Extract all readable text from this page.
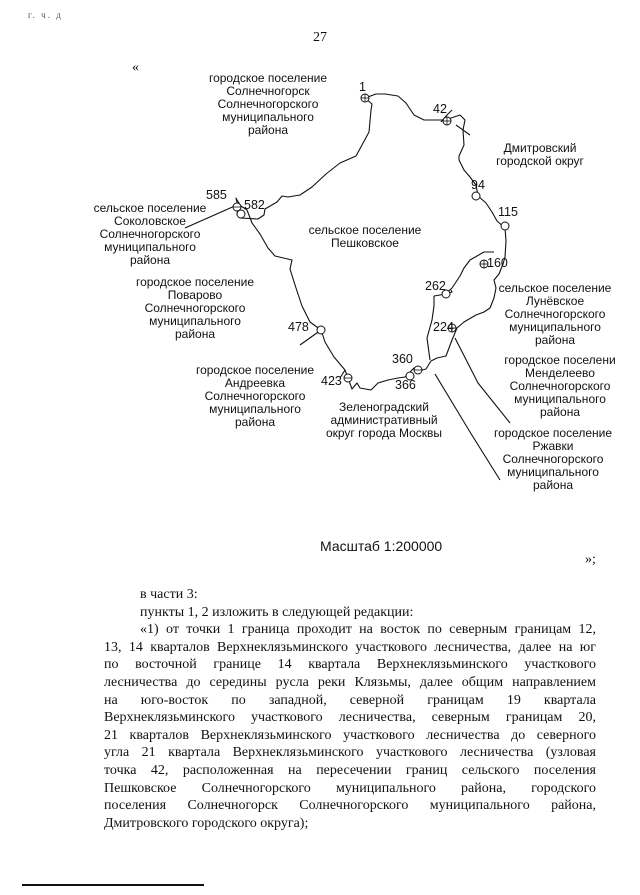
г. ч. д
27
«
городское поселение
Солнечногорск
Солнечногорского
муниципального
района
Дмитровский
городской округ
сельское поселение
Соколовское
Солнечногорского
муниципального
района
сельское поселение
Пешковское
городское поселение
Поварово
Солнечногорского
муниципального
района
сельское поселение
Лунёвское
Солнечногорского
муниципального
района
городское поселени
Менделеево
Солнечногорского
муниципального
района
городское поселение
Андреевка
Солнечногорского
муниципального
района
Зеленоградский
административный
округ города Москвы	городское поселение
Ржавки
Солнечногорского
муниципального
района
1
42
94
115
160
262
224
585
582
478
360
366
423
Масштаб 1:200000
»;
в части 3:
пункты 1, 2 изложить в следующей редакции:
«1) от точки 1 граница проходит на восток по северным границам 12,
13, 14 кварталов Верхнеклязьминского участкового лесничества, далее на юг
по восточной границе 14 квартала Верхнеклязьминского участкового
лесничества до середины русла реки Клязьмы, далее общим направлением
на юго-восток по западной, северной границам 19 квартала
Верхнеклязьминского участкового лесничества, северным границам 20,
21 кварталов Верхнеклязьминского участкового лесничества до северного
угла 21 квартала Верхнеклязьминского участкового лесничества (узловая
точка 42, расположенная на пересечении границ сельского поселения
Пешковское Солнечногорского муниципального района, городского
поселения Солнечногорск Солнечногорского муниципального района,
Дмитровского городского округа);
